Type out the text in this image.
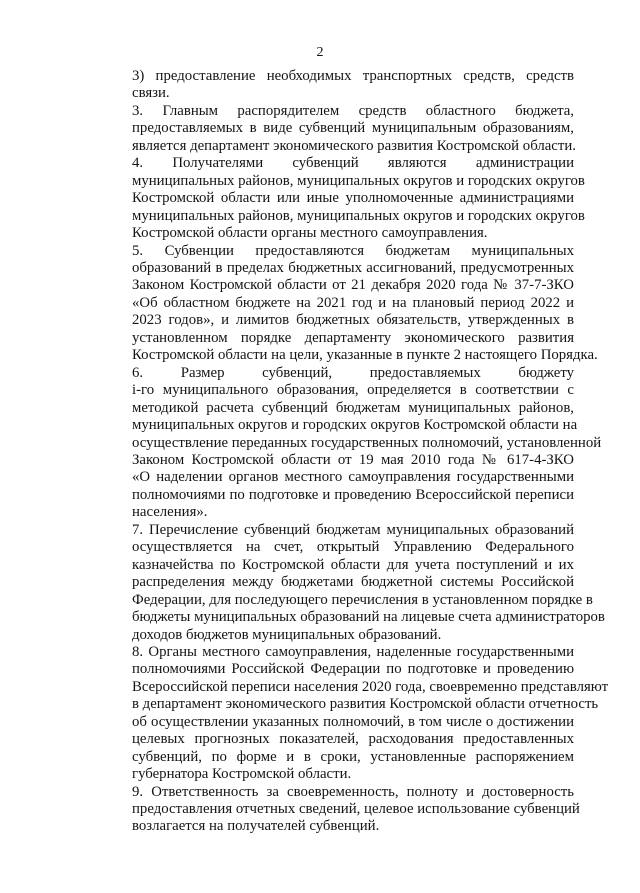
2

3) предоставление необходимых транспортных средств, средств
связи.

3. Главным распорядителем средств областного бюджета,
предоставляемых в виде субвенций муниципальным образованиям,
является департамент экономического развития Костромской области.

4. Получателями субвенций являются администрации
муниципальных районов, муниципальных округов и городских округов
Костромской области или иные уполномоченные администрациями
муниципальных районов, муниципальных округов и городских округов
Костромской области органы местного самоуправления.

5. Субвенции предоставляются бюджетам муниципальных
образований в пределах бюджетных ассигнований, предусмотренных
Законом Костромской области от 21 декабря 2020 года № 37-7-ЗКО
«Об областном бюджете на 2021 год и на плановый период 2022 и
2023 годов», и лимитов бюджетных обязательств, утвержденных в
установленном порядке департаменту экономического развития
Костромской области на цели, указанные в пункте 2 настоящего Порядка.

6. Размер субвенций, предоставляемых бюджету
i-го муниципального образования, определяется в соответствии с
методикой расчета субвенций бюджетам муниципальных районов,
муниципальных округов и городских округов Костромской области на
осуществление переданных государственных полномочий, установленной
Законом Костромской области от 19 мая 2010 года № 617-4-ЗКО
«О наделении органов местного самоуправления государственными
полномочиями по подготовке и проведению Всероссийской переписи
населения».

7. Перечисление субвенций бюджетам муниципальных образований
осуществляется на счет, открытый Управлению Федерального
казначейства по Костромской области для учета поступлений и их
распределения между бюджетами бюджетной системы Российской
Федерации, для последующего перечисления в установленном порядке в
бюджеты муниципальных образований на лицевые счета администраторов
доходов бюджетов муниципальных образований.

8. Органы местного самоуправления, наделенные государственными
полномочиями Российской Федерации по подготовке и проведению
Всероссийской переписи населения 2020 года, своевременно представляют
в департамент экономического развития Костромской области отчетность
об осуществлении указанных полномочий, в том числе о достижении
целевых прогнозных показателей, расходования предоставленных
субвенций, по форме и в сроки, установленные распоряжением
губернатора Костромской области.

9. Ответственность за своевременность, полноту и достоверность
предоставления отчетных сведений, целевое использование субвенций
возлагается на получателей субвенций.
